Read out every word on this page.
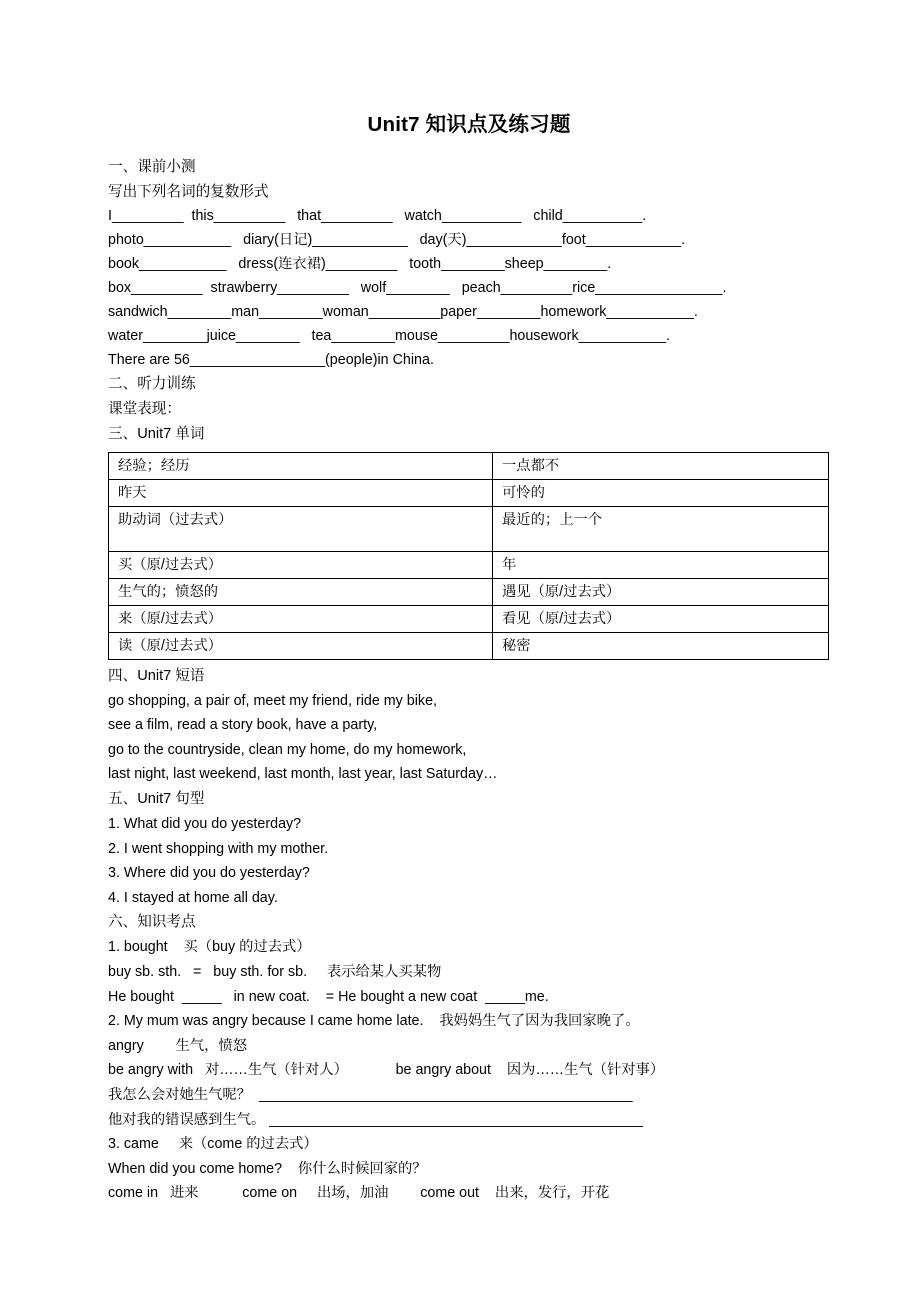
Unit7 知识点及练习题
一、课前小测
写出下列名词的复数形式
I_________  this_________   that_________   watch__________   child__________.
photo___________   diary(日记)____________   day(天)____________foot____________.
book___________   dress(连衣裙)_________   tooth________sheep________.
box_________  strawberry_________   wolf________   peach_________rice________________.
sandwich________man________woman_________paper________homework___________.
water________juice________   tea________mouse_________housework___________.
There are 56_________________(people)in China.
二、听力训练
课堂表现：
三、Unit7 单词
经验；经历	一点都不
昨天	可怜的
助动词（过去式）	最近的；上一个
买（原/过去式）	年
生气的；愤怒的	遇见（原/过去式）
来（原/过去式）	看见（原/过去式）
读（原/过去式）	秘密
四、Unit7 短语
go shopping, a pair of, meet my friend, ride my bike,
see a film, read a story book, have a party,
go to the countryside, clean my home, do my homework,
last night, last weekend, last month, last year, last Saturday…
五、Unit7 句型
1. What did you do yesterday?
2. I went shopping with my mother.
3. Where did you do yesterday?
4. I stayed at home all day.
六、知识考点
1. bought    买（buy 的过去式）
buy sb. sth.   =   buy sth. for sb.     表示给某人买某物
He bought  _____   in new coat.    = He bought a new coat  _____me.
2. My mum was angry because I came home late.    我妈妈生气了因为我回家晚了。
angry        生气，愤怒
be angry with   对……生气（针对人）            be angry about    因为……生气（针对事）
我怎么会对她生气呢？  _______________________________________________
他对我的错误感到生气。 _______________________________________________
3. came     来（come 的过去式）
When did you come home?    你什么时候回家的？
come in   进来           come on     出场，加油        come out    出来，发行，开花
